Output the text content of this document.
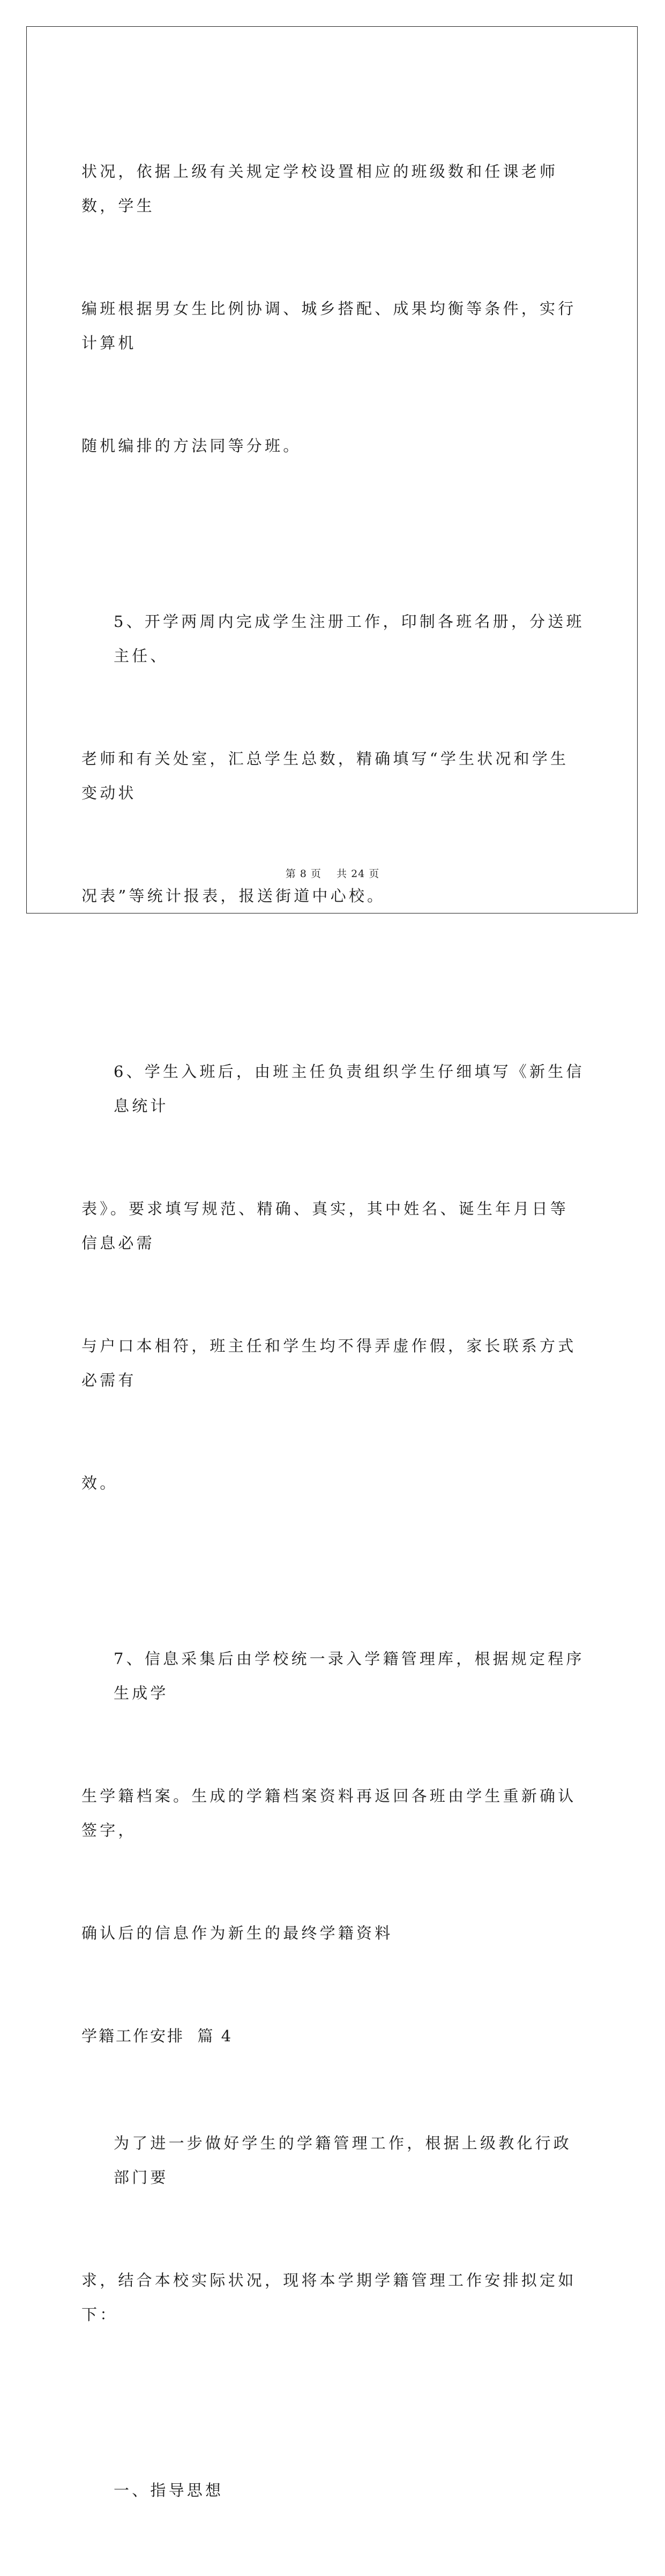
状况，依据上级有关规定学校设置相应的班级数和任课老师数，学生

编班根据男女生比例协调、城乡搭配、成果均衡等条件，实行计算机

随机编排的方法同等分班。

5、开学两周内完成学生注册工作，印制各班名册，分送班主任、

老师和有关处室，汇总学生总数，精确填写“学生状况和学生变动状

况表”等统计报表，报送街道中心校。

6、学生入班后，由班主任负责组织学生仔细填写《新生信息统计

表》。要求填写规范、精确、真实，其中姓名、诞生年月日等信息必需

与户口本相符，班主任和学生均不得弄虚作假，家长联系方式必需有

效。

7、信息采集后由学校统一录入学籍管理库，根据规定程序生成学

生学籍档案。生成的学籍档案资料再返回各班由学生重新确认签字，

确认后的信息作为新生的最终学籍资料

学籍工作安排  篇 4

为了进一步做好学生的学籍管理工作，根据上级教化行政部门要

求，结合本校实际状况，现将本学期学籍管理工作安排拟定如下：

一、指导思想

第 8 页    共 24 页
